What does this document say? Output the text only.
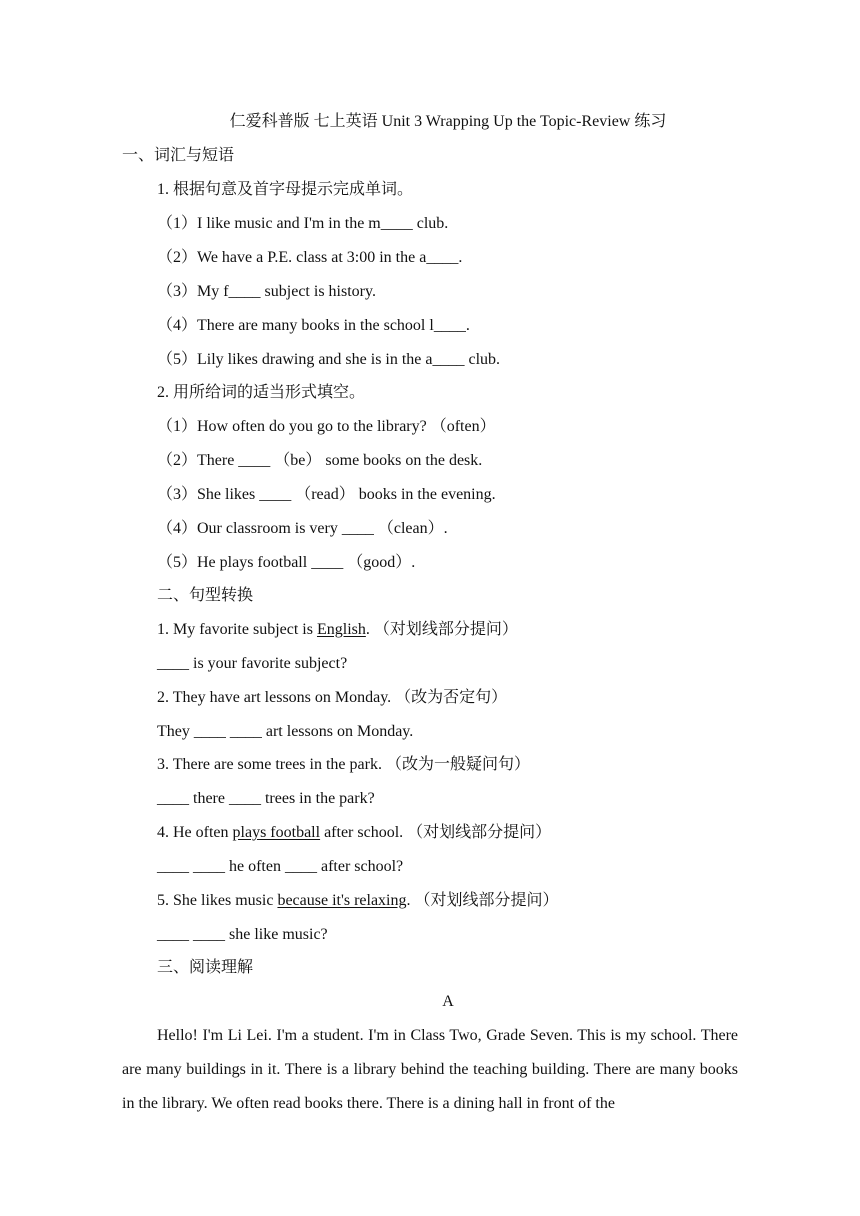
仁爱科普版 七上英语 Unit 3 Wrapping Up the Topic-Review 练习
一、词汇与短语
1. 根据句意及首字母提示完成单词。
（1）I like music and I'm in the m____ club.
（2）We have a P.E. class at 3:00 in the a____.
（3）My f____ subject is history.
（4）There are many books in the school l____.
（5）Lily likes drawing and she is in the a____ club.
2. 用所给词的适当形式填空。
（1）How often do you go to the library? （often）
（2）There ____ （be） some books on the desk.
（3）She likes ____ （read） books in the evening.
（4）Our classroom is very ____ （clean）.
（5）He plays football ____ （good）.
二、句型转换
1. My favorite subject is English. （对划线部分提问）
____ is your favorite subject?
2. They have art lessons on Monday. （改为否定句）
They ____ ____ art lessons on Monday.
3. There are some trees in the park. （改为一般疑问句）
____ there ____ trees in the park?
4. He often plays football after school. （对划线部分提问）
____ ____ he often ____ after school?
5. She likes music because it's relaxing. （对划线部分提问）
____ ____ she like music?
三、阅读理解
A
Hello! I'm Li Lei. I'm a student. I'm in Class Two, Grade Seven. This is my school. There are many buildings in it. There is a library behind the teaching building. There are many books in the library. We often read books there. There is a dining hall in front of the
